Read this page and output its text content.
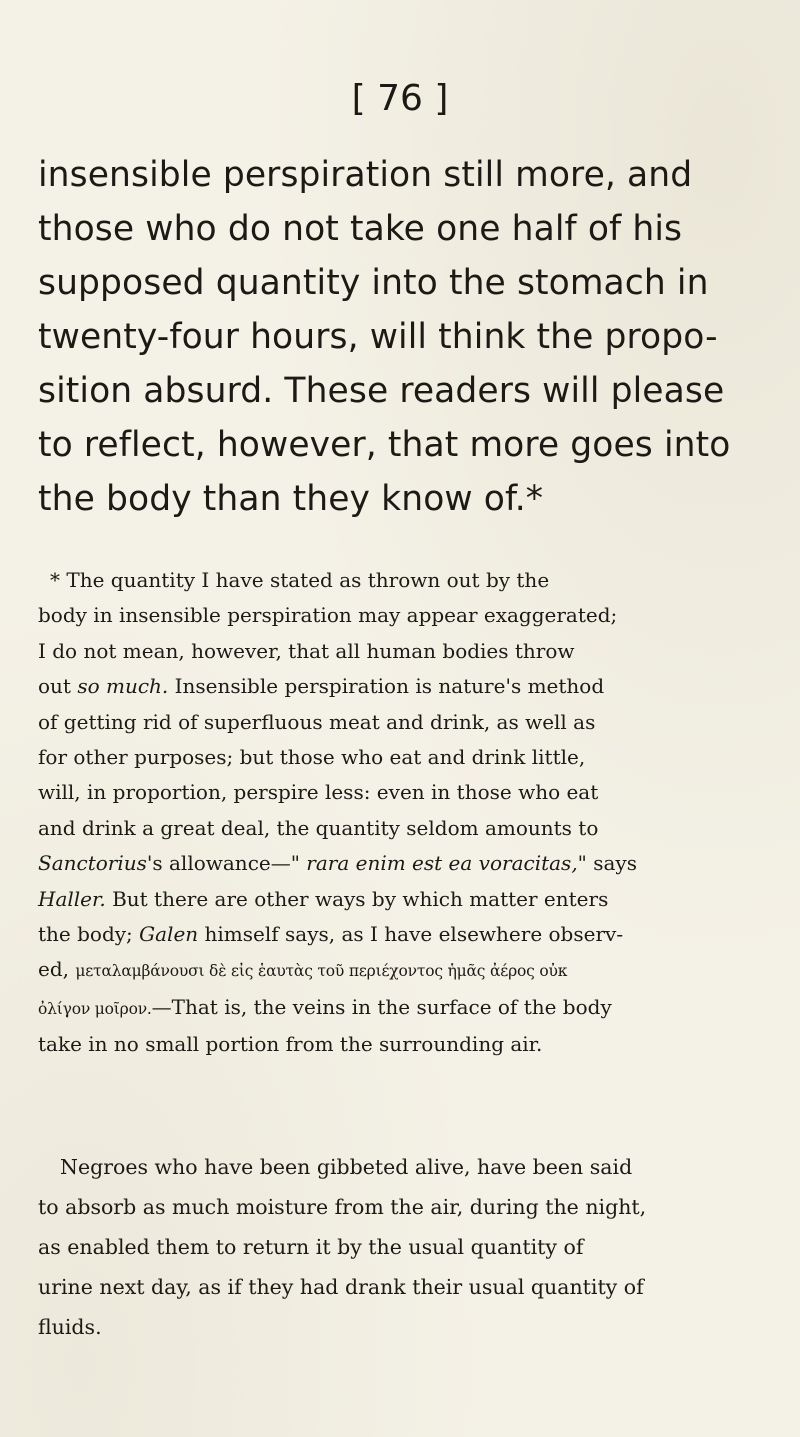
[ 76 ]

insensible perspiration still more, and
those who do not take one half of his
supposed quantity into the stomach in
twenty-four hours, will think the propo-
sition absurd. These readers will please
to reflect, however, that more goes into
the body than they know of.*

* The quantity I have stated as thrown out by the
body in insensible perspiration may appear exaggerated;
I do not mean, however, that all human bodies throw
out so much. Insensible perspiration is nature's method
of getting rid of superfluous meat and drink, as well as
for other purposes; but those who eat and drink little,
will, in proportion, perspire less: even in those who eat
and drink a great deal, the quantity seldom amounts to
Sanctorius's allowance—" rara enim est ea voracitas," says
Haller. But there are other ways by which matter enters
the body; Galen himself says, as I have elsewhere observ-
ed, μεταλαμβάνουσι δὲ εἰς ἑαυτὰς τοῦ περιέχοντος ἡμᾶς ἀέρος οὐκ
ὀλίγον μοῖρον.—That is, the veins in the surface of the body
take in no small portion from the surrounding air.

Negroes who have been gibbeted alive, have been said
to absorb as much moisture from the air, during the night,
as enabled them to return it by the usual quantity of
urine next day, as if they had drank their usual quantity of
fluids.
